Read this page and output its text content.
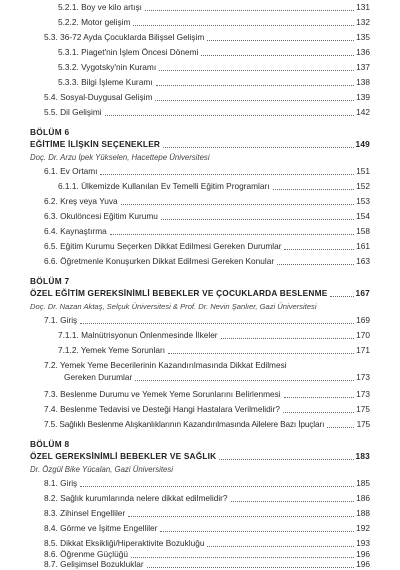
5.2.1. Boy ve kilo artışı	131
5.2.2. Motor gelişim	132
5.3. 36-72 Ayda Çocuklarda Bilişsel Gelişim	135
5.3.1. Piaget'nin İşlem Öncesi Dönemi	136
5.3.2. Vygotsky'nin Kuramı	137
5.3.3. Bilgi İşleme Kuramı	138
5.4. Sosyal-Duygusal Gelişim	139
5.5. Dil Gelişimi	142
BÖLÜM 6
EĞİTİME İLİŞKİN SEÇENEKLER	149
Doç. Dr. Arzu İpek Yükselen, Hacettepe Üniversitesi
6.1. Ev Ortamı	151
6.1.1. Ülkemizde Kullanılan Ev Temelli Eğitim Programları	152
6.2. Kreş veya Yuva	153
6.3. Okulöncesi Eğitim Kurumu	154
6.4. Kaynaştırma	158
6.5. Eğitim Kurumu Seçerken Dikkat Edilmesi Gereken Durumlar	161
6.6. Öğretmenle Konuşurken Dikkat Edilmesi Gereken Konular	163
BÖLÜM 7
ÖZEL EĞİTİM GEREKSİNİMLİ BEBEKLER VE ÇOCUKLARDA BESLENME	167
Doç. Dr. Nazan Aktaş, Selçuk Üniversitesi & Prof. Dr. Nevin Şanlıer, Gazi Üniversitesi
7.1. Giriş	169
7.1.1. Malnütrisyonun Önlenmesinde İlkeler	170
7.1.2. Yemek Yeme Sorunları	171
7.2. Yemek Yeme Becerilerinin Kazandırılmasında Dikkat Edilmesi
Gereken Durumlar	173
7.3. Beslenme Durumu ve Yemek Yeme Sorunlarını Belirlenmesi	173
7.4. Beslenme Tedavisi ve Desteği Hangi Hastalara Verilmelidir?	175
7.5. Sağlıklı Beslenme Alışkanlıklarının Kazandırılmasında Ailelere Bazı İpuçları	175
BÖLÜM 8
ÖZEL GEREKSİNİMLİ BEBEKLER VE SAĞLIK	183
Dr. Özgül Bike Yücalan, Gazi Üniversitesi
8.1. Giriş	185
8.2. Sağlık kurumlarında nelere dikkat edilmelidir?	186
8.3. Zihinsel Engelliler	188
8.4. Görme ve İşitme Engelliler	192
8.5. Dikkat Eksikliği/Hiperaktivite Bozukluğu	193
8.6. Öğrenme Güçlüğü	196
8.7. Gelişimsel Bozukluklar	196
